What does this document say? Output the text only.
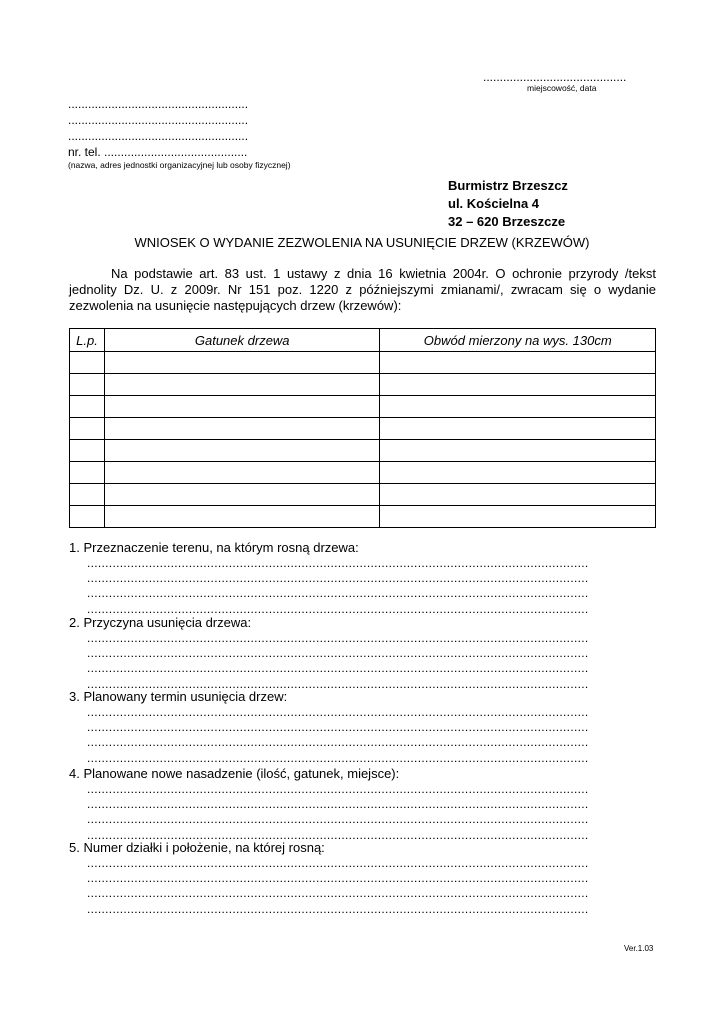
...........................................
miejscowość, data
......................................................
......................................................
......................................................
nr. tel. ...........................................
(nazwa, adres jednostki organizacyjnej lub osoby fizycznej)
Burmistrz Brzeszcz
ul. Kościelna 4
32 – 620 Brzeszcze
WNIOSEK O WYDANIE ZEZWOLENIA NA USUNIĘCIE DRZEW (KRZEWÓW)
Na podstawie art. 83 ust. 1 ustawy z dnia 16 kwietnia 2004r. O ochronie przyrody /tekst jednolity Dz. U. z 2009r. Nr 151 poz. 1220 z późniejszymi zmianami/, zwracam się o wydanie zezwolenia na usunięcie następujących drzew (krzewów):
L.p.	Gatunek drzewa	Obwód mierzony na wys. 130cm

1. Przeznaczenie terenu, na którym rosną drzewa:
..........................................................................................................................................
..........................................................................................................................................
..........................................................................................................................................
..........................................................................................................................................
2. Przyczyna usunięcia drzewa:
..........................................................................................................................................
..........................................................................................................................................
..........................................................................................................................................
..........................................................................................................................................
3. Planowany termin usunięcia drzew:
..........................................................................................................................................
..........................................................................................................................................
..........................................................................................................................................
..........................................................................................................................................
4. Planowane nowe nasadzenie (ilość, gatunek, miejsce):
..........................................................................................................................................
..........................................................................................................................................
..........................................................................................................................................
..........................................................................................................................................
5. Numer działki i położenie, na której rosną:
..........................................................................................................................................
..........................................................................................................................................
..........................................................................................................................................
..........................................................................................................................................
Ver.1.03
